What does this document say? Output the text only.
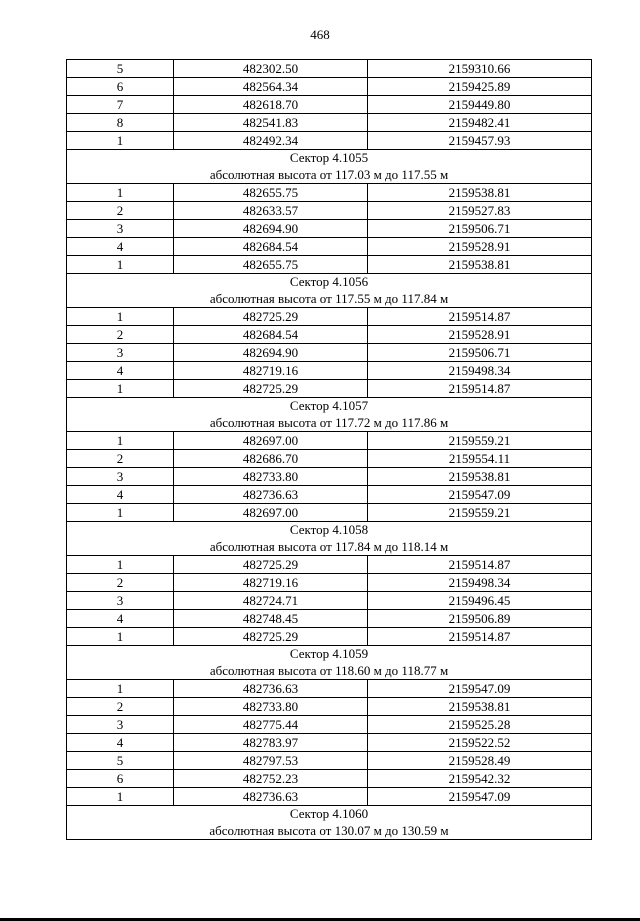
468
5	482302.50	2159310.66
6	482564.34	2159425.89
7	482618.70	2159449.80
8	482541.83	2159482.41
1	482492.34	2159457.93
Сектор 4.1055		
абсолютная высота от 117.03 м до 117.55 м		
1	482655.75	2159538.81
2	482633.57	2159527.83
3	482694.90	2159506.71
4	482684.54	2159528.91
1	482655.75	2159538.81
Сектор 4.1056		
абсолютная высота от 117.55 м до 117.84 м		
1	482725.29	2159514.87
2	482684.54	2159528.91
3	482694.90	2159506.71
4	482719.16	2159498.34
1	482725.29	2159514.87
Сектор 4.1057		
абсолютная высота от 117.72 м до 117.86 м		
1	482697.00	2159559.21
2	482686.70	2159554.11
3	482733.80	2159538.81
4	482736.63	2159547.09
1	482697.00	2159559.21
Сектор 4.1058		
абсолютная высота от 117.84 м до 118.14 м		
1	482725.29	2159514.87
2	482719.16	2159498.34
3	482724.71	2159496.45
4	482748.45	2159506.89
1	482725.29	2159514.87
Сектор 4.1059		
абсолютная высота от 118.60 м до 118.77 м		
1	482736.63	2159547.09
2	482733.80	2159538.81
3	482775.44	2159525.28
4	482783.97	2159522.52
5	482797.53	2159528.49
6	482752.23	2159542.32
1	482736.63	2159547.09
Сектор 4.1060		
абсолютная высота от 130.07 м до 130.59 м		
